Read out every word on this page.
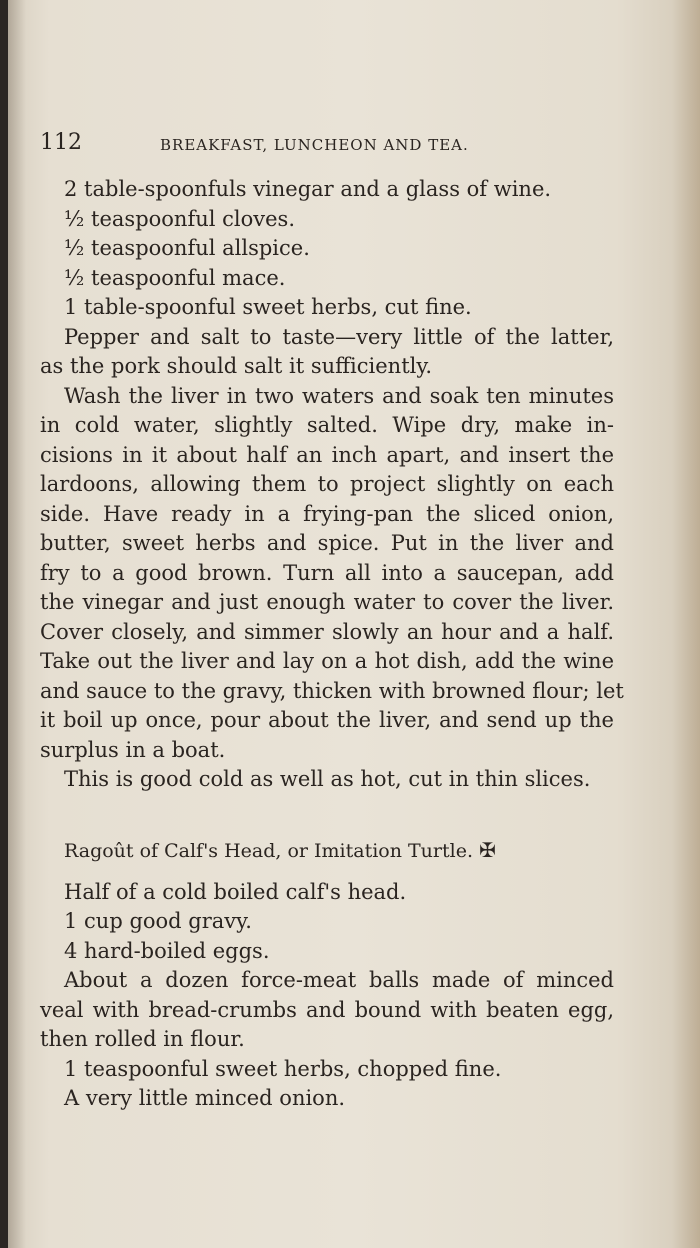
112	BREAKFAST, LUNCHEON AND TEA.
2 table-spoonfuls vinegar and a glass of wine.
½ teaspoonful cloves.
½ teaspoonful allspice.
½ teaspoonful mace.
1 table-spoonful sweet herbs, cut fine.
Pepper and salt to taste—very little of the latter,
as the pork should salt it sufficiently.
Wash the liver in two waters and soak ten minutes
in cold water, slightly salted. Wipe dry, make in-
cisions in it about half an inch apart, and insert the
lardoons, allowing them to project slightly on each
side. Have ready in a frying-pan the sliced onion,
butter, sweet herbs and spice. Put in the liver and
fry to a good brown. Turn all into a saucepan, add
the vinegar and just enough water to cover the liver.
Cover closely, and simmer slowly an hour and a half.
Take out the liver and lay on a hot dish, add the wine
and sauce to the gravy, thicken with browned flour; let
it boil up once, pour about the liver, and send up the
surplus in a boat.
This is good cold as well as hot, cut in thin slices.
Ragoût of Calf's Head, or Imitation Turtle. ✠
Half of a cold boiled calf's head.
1 cup good gravy.
4 hard-boiled eggs.
About a dozen force-meat balls made of minced
veal with bread-crumbs and bound with beaten egg,
then rolled in flour.
1 teaspoonful sweet herbs, chopped fine.
A very little minced onion.
